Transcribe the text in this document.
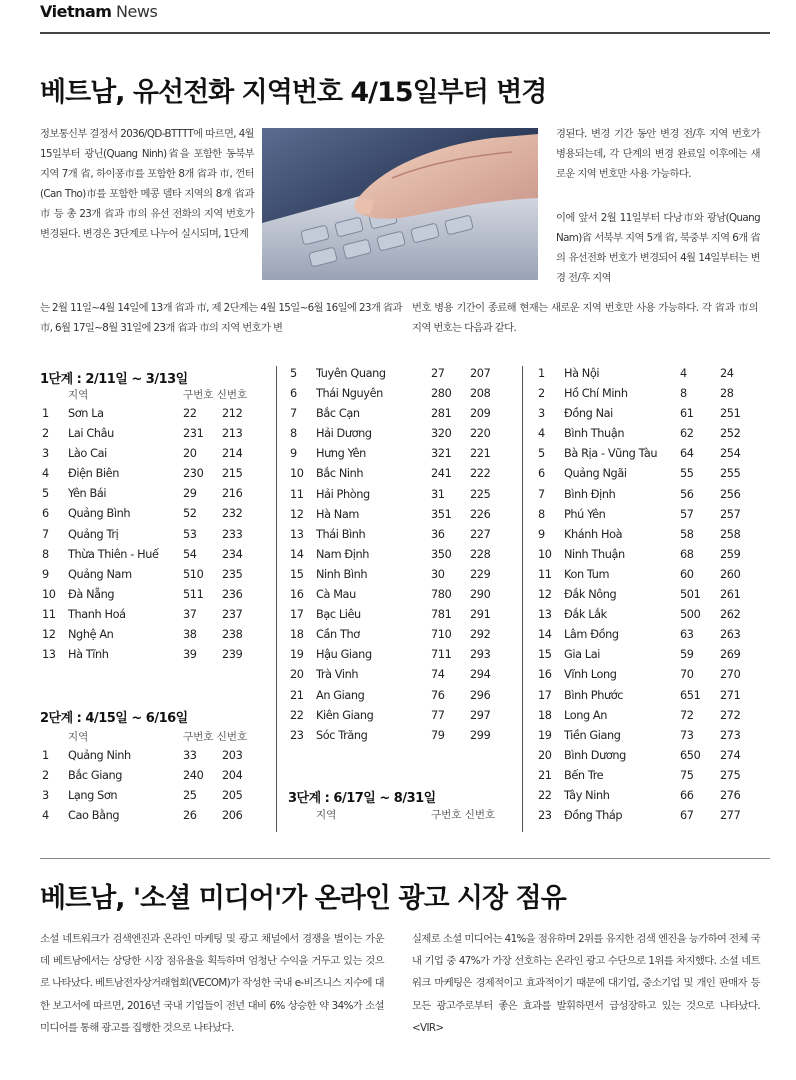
Vietnam News
베트남, 유선전화 지역번호 4/15일부터 변경
정보통신부 결정서 2036/QD-BTTTT에 따르면, 4월 15일부터 광닌(Quang Ninh)省을 포함한 동북부 지역 7개 省, 하이퐁市를 포함한 8개 省과 市, 껀터(Can Tho)市를 포함한 메콩 델타 지역의 8개 省과 市 등 총 23개 省과 市의 유선 전화의 지역 번호가 변경된다. 변경은 3단계로 나누어 실시되며, 1단계
는 2월 11일~4월 14일에 13개 省과 市, 제 2단계는 4월 15일~6월 16일에 23개 省과 市, 6월 17일~8월 31일에 23개 省과 市의 지역 번호가 변
번호 병용 기간이 종료해 현재는 새로운 지역 번호만 사용 가능하다. 각 省과 市의 지역 번호는 다음과 같다.
경된다. 변경 기간 동안 변경 전/후 지역 번호가 병용되는데, 각 단계의 변경 완료일 이후에는 새로운 지역 번호만 사용 가능하다.
이에 앞서 2월 11일부터 다낭市와 광남(Quang Nam)省 서북부 지역 5개 省, 북중부 지역 6개 省의 유선전화 번호가 변경되어 4월 14일부터는 변경 전/후 지역
1단계 : 2/11일 ~ 3/13일
지역	구번호 신번호
1 Sơn La	22 212
2 Lai Châu	231 213
3 Lào Cai	20 214
4 Điện Biên	230 215
5 Yên Bái	29 216
6 Quảng Bình	52 232
7 Quảng Trị	53 233
8 Thừa Thiên - Huế 54 234
9 Quảng Nam	510 235
10 Đà Nẵng	511 236
11 Thanh Hoá	37 237
12 Nghệ An	38 238
13 Hà Tĩnh	39 239
2단계 : 4/15일 ~ 6/16일
지역	구번호 신번호
1 Quảng Ninh	33 203
2 Bắc Giang	240 204
3 Lạng Sơn	25 205
4 Cao Bằng	26 206
5 Tuyên Quang	27 207
6 Thái Nguyên	280 208
7 Bắc Cạn	281 209
8 Hải Dương	320 220
9 Hưng Yên	321 221
10 Bắc Ninh	241 222
11 Hải Phòng	31 225
12 Hà Nam	351 226
13 Thái Bình	36 227
14 Nam Định	350 228
15 Ninh Bình	30 229
16 Cà Mau	780 290
17 Bạc Liêu	781 291
18 Cần Thơ	710 292
19 Hậu Giang	711 293
20 Trà Vinh	74 294
21 An Giang	76 296
22 Kiên Giang	77 297
23 Sóc Trăng	79 299
3단계 : 6/17일 ~ 8/31일
지역	구번호 신번호
1 Hà Nội	4	24
2 Hồ Chí Minh	8	28
3 Đồng Nai	61 251
4 Bình Thuận	62 252
5 Bà Rịa - Vũng Tàu 64 254
6 Quảng Ngãi	55 255
7 Bình Định	56 256
8 Phú Yên	57 257
9 Khánh Hoà	58 258
10 Ninh Thuận	68 259
11 Kon Tum	60 260
12 Đắk Nông	501 261
13 Đắk Lắk	500 262
14 Lâm Đồng	63 263
15 Gia Lai	59 269
16 Vĩnh Long	70 270
17 Bình Phước	651 271
18 Long An	72 272
19 Tiền Giang	73 273
20 Bình Dương	650 274
21 Bến Tre	75 275
22 Tây Ninh	66 276
23 Đồng Tháp	67 277
베트남, '소셜 미디어'가 온라인 광고 시장 점유
소셜 네트워크가 검색엔진과 온라인 마케팅 및 광고 채널에서 경쟁을 벌이는 가운데 베트남에서는 상당한 시장 점유율을 획득하며 엄청난 수익을 거두고 있는 것으로 나타났다. 베트남전자상거래협회(VECOM)가 작성한 국내 e-비즈니스 지수에 대한 보고서에 따르면, 2016년 국내 기업들이 전년 대비 6% 상승한 약 34%가 소셜 미디어를 통해 광고를 집행한 것으로 나타났다.
실제로 소셜 미디어는 41%을 점유하며 2위를 유지한 검색 엔진을 능가하여 전체 국내 기업 중 47%가 가장 선호하는 온라인 광고 수단으로 1위를 차지했다. 소셜 네트워크 마케팅은 경제적이고 효과적이기 때문에 대기업, 중소기업 및 개인 판매자 등 모든 광고주로부터 좋은 효과를 발휘하면서 급성장하고 있는 것으로 나타났다. <VIR>
